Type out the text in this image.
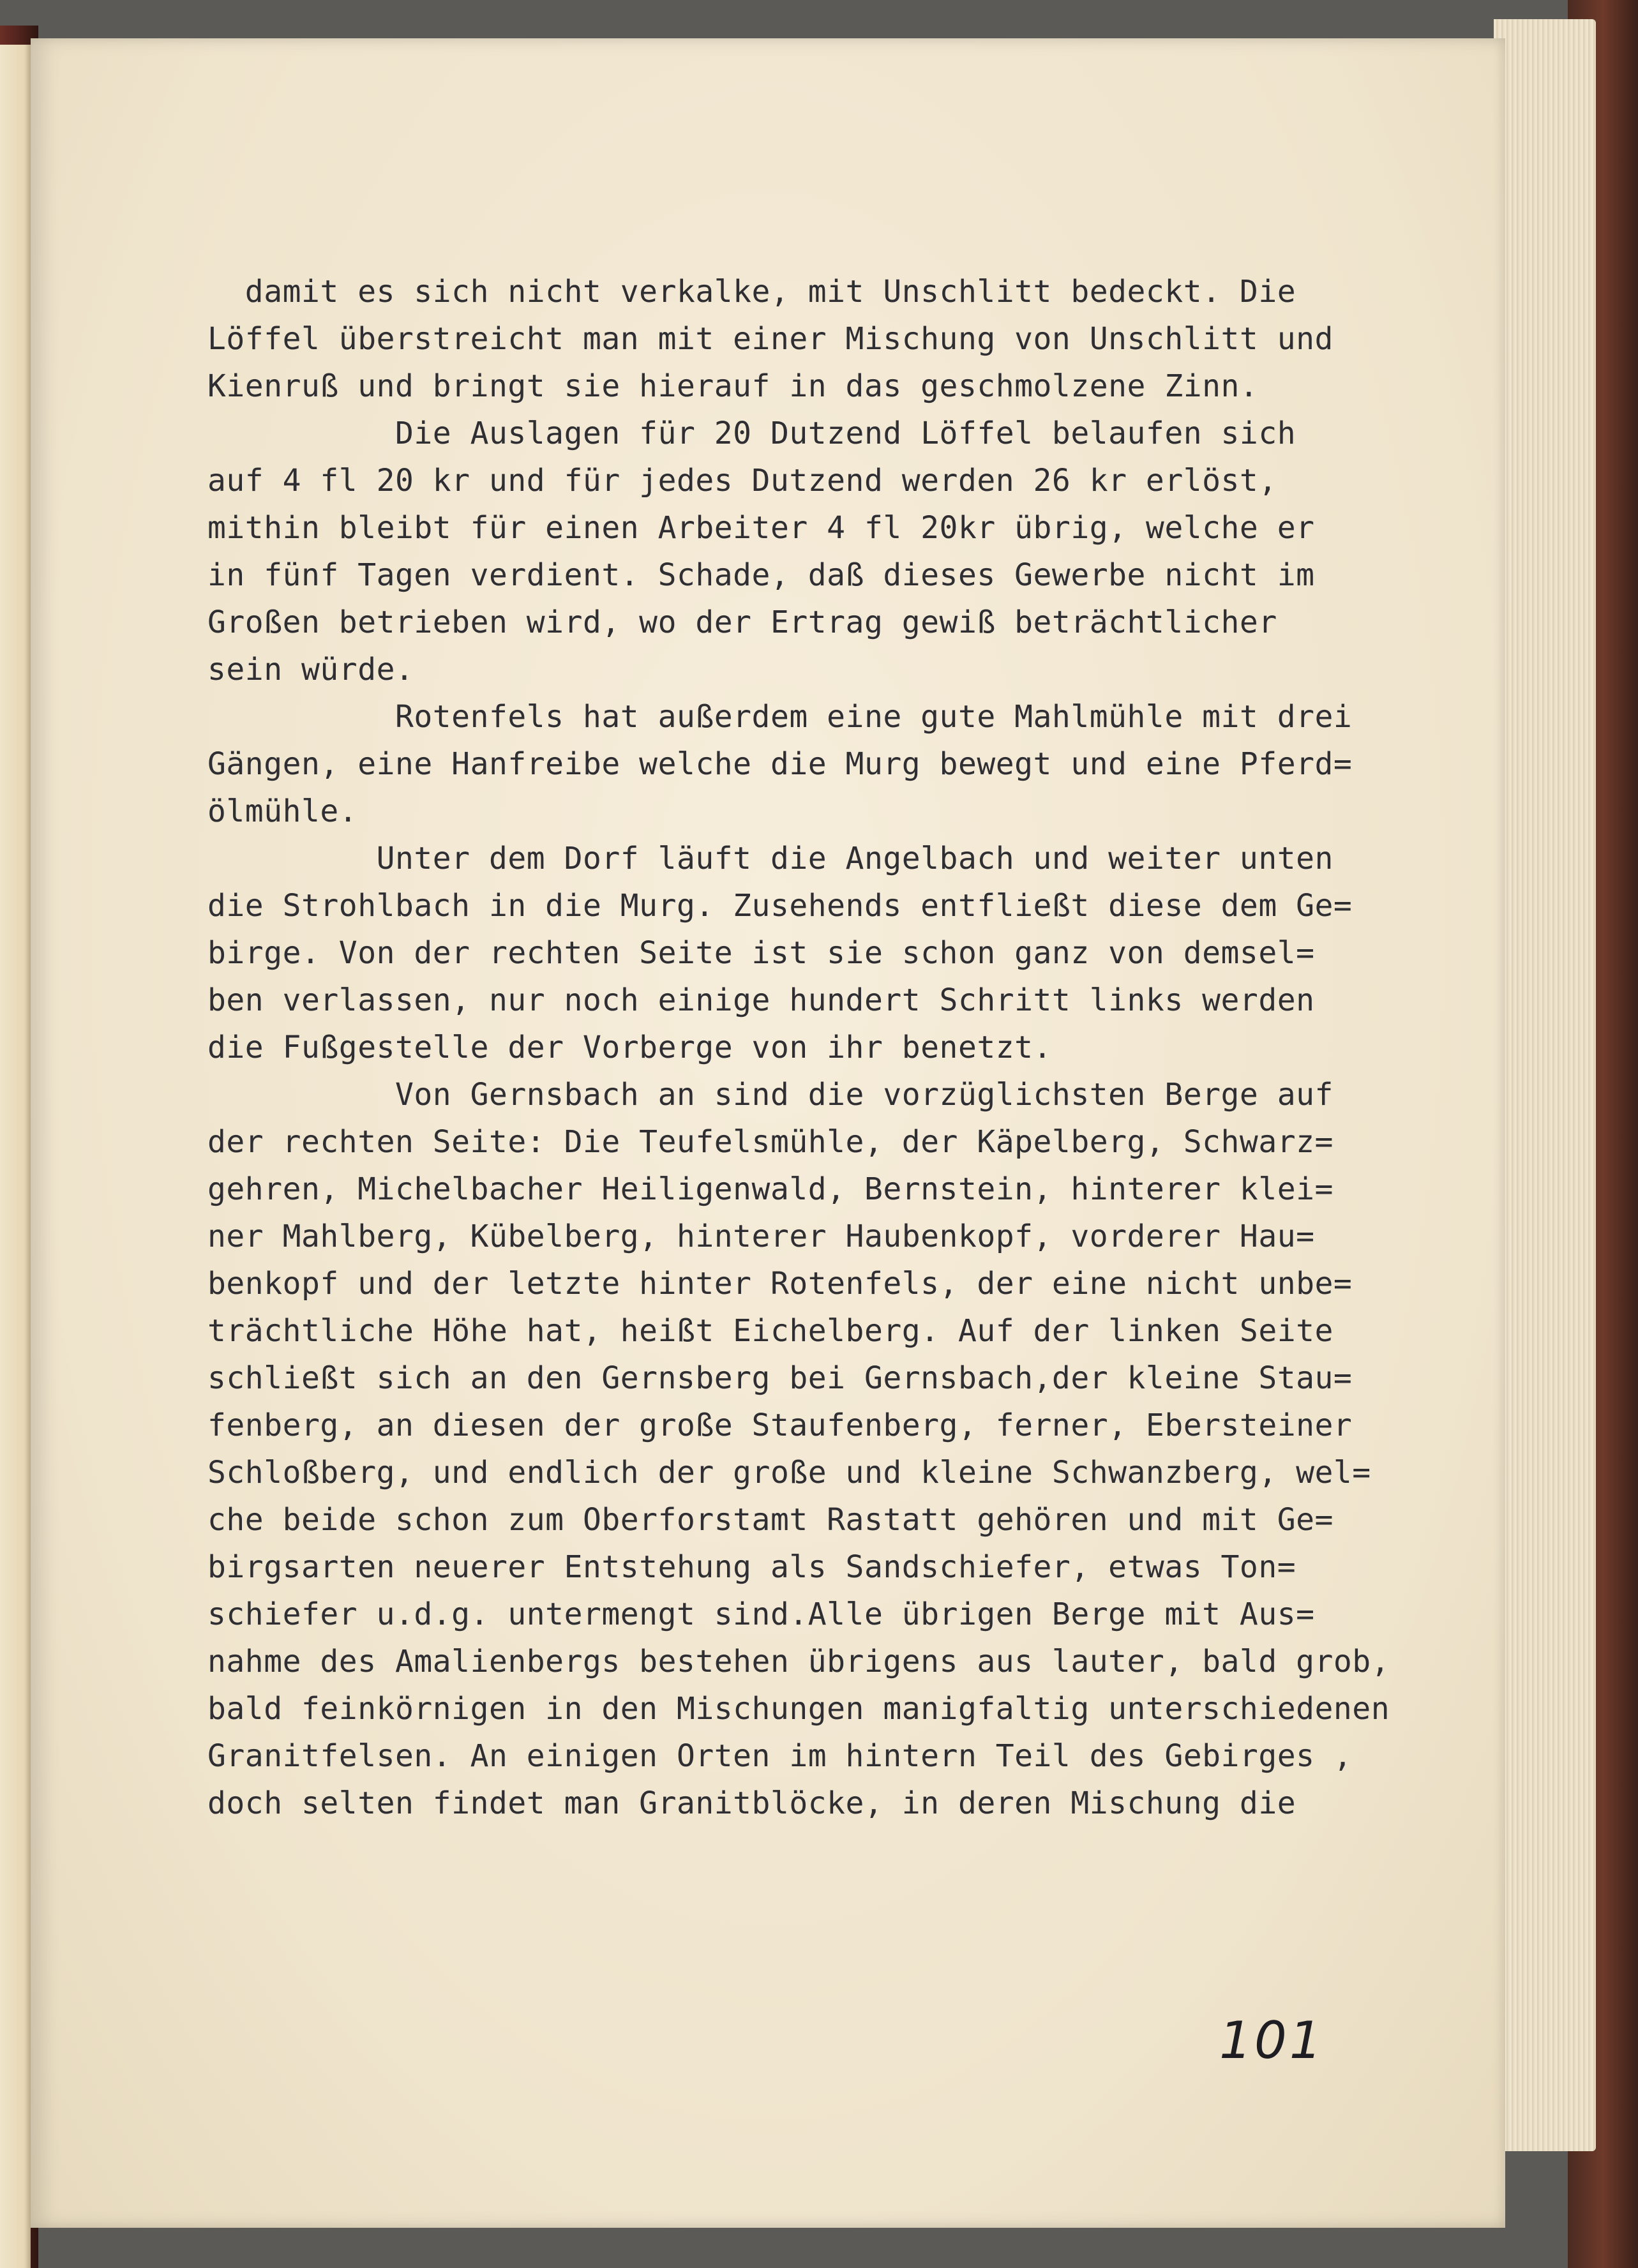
damit es sich nicht verkalke, mit Unschlitt bedeckt. Die
Löffel überstreicht man mit einer Mischung von Unschlitt und
Kienruß und bringt sie hierauf in das geschmolzene Zinn.
Die Auslagen für 20 Dutzend Löffel belaufen sich
auf 4 fl 20 kr und für jedes Dutzend werden 26 kr erlöst,
mithin bleibt für einen Arbeiter 4 fl 20kr übrig, welche er
in fünf Tagen verdient. Schade, daß dieses Gewerbe nicht im
Großen betrieben wird, wo der Ertrag gewiß beträchtlicher
sein würde.
Rotenfels hat außerdem eine gute Mahlmühle mit drei
Gängen, eine Hanfreibe welche die Murg bewegt und eine Pferd=
ölmühle.
Unter dem Dorf läuft die Angelbach und weiter unten
die Strohlbach in die Murg. Zusehends entfließt diese dem Ge=
birge. Von der rechten Seite ist sie schon ganz von demsel=
ben verlassen, nur noch einige hundert Schritt links werden
die Fußgestelle der Vorberge von ihr benetzt.
Von Gernsbach an sind die vorzüglichsten Berge auf
der rechten Seite: Die Teufelsmühle, der Käpelberg, Schwarz=
gehren, Michelbacher Heiligenwald, Bernstein, hinterer klei=
ner Mahlberg, Kübelberg, hinterer Haubenkopf, vorderer Hau=
benkopf und der letzte hinter Rotenfels, der eine nicht unbe=
trächtliche Höhe hat, heißt Eichelberg. Auf der linken Seite
schließt sich an den Gernsberg bei Gernsbach,der kleine Stau=
fenberg, an diesen der große Staufenberg, ferner, Ebersteiner
Schloßberg, und endlich der große und kleine Schwanzberg, wel=
che beide schon zum Oberforstamt Rastatt gehören und mit Ge=
birgsarten neuerer Entstehung als Sandschiefer, etwas Ton=
schiefer u.d.g. untermengt sind.Alle übrigen Berge mit Aus=
nahme des Amalienbergs bestehen übrigens aus lauter, bald grob,
bald feinkörnigen in den Mischungen manigfaltig unterschiedenen
Granitfelsen. An einigen Orten im hintern Teil des Gebirges ,
doch selten findet man Granitblöcke, in deren Mischung die
101
